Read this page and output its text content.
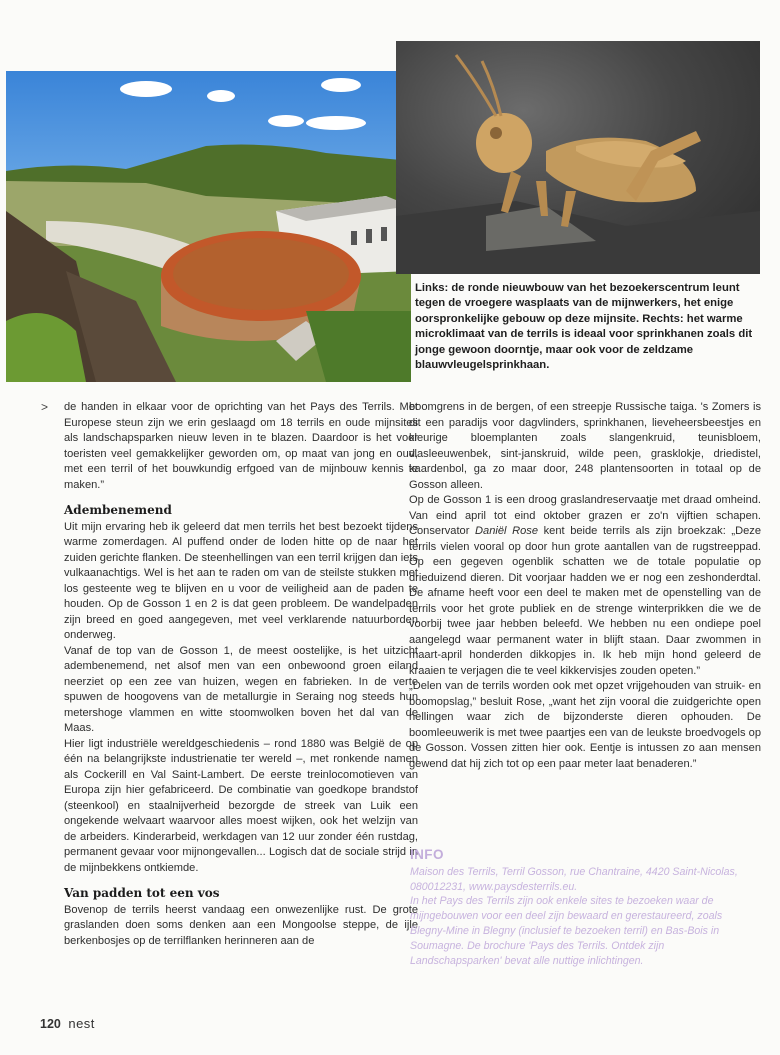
Links: de ronde nieuwbouw van het bezoekerscentrum leunt tegen de vroegere wasplaats van de mijnwerkers, het enige oorspronkelijke gebouw op deze mijnsite. Rechts: het warme microklimaat van de terrils is ideaal voor sprinkhanen zoals dit jonge gewoon doorntje, maar ook voor de zeldzame blauwvleugelsprinkhaan.
> de handen in elkaar voor de oprichting van het Pays des Terrils. Met Europese steun zijn we erin geslaagd om 18 terrils en oude mijnsites als landschapsparken nieuw leven in te blazen. Daardoor is het voor toeristen veel gemakkelijker geworden om, op maat van jong en oud, met een terril of het bouwkundig erfgoed van de mijnbouw kennis te maken.”

Adembenemend

Uit mijn ervaring heb ik geleerd dat men terrils het best bezoekt tijdens warme zomerdagen. Al puffend onder de loden hitte op de naar het zuiden gerichte flanken. De steenhellingen van een terril krijgen dan iets vulkaanachtigs. Wel is het aan te raden om van de steilste stukken met los gesteente weg te blijven en u voor de veiligheid aan de paden te houden. Op de Gosson 1 en 2 is dat geen probleem. De wandelpaden zijn breed en goed aangegeven, met veel verklarende natuurborden onderweg.

Vanaf de top van de Gosson 1, de meest oostelijke, is het uitzicht adembenemend, net alsof men van een onbewoond groen eiland neerziet op een zee van huizen, wegen en fabrieken. In de verte spuwen de hoogovens van de metallurgie in Seraing nog steeds hun metershoge vlammen en witte stoomwolken boven het dal van de Maas.

Hier ligt industriële wereldgeschiedenis – rond 1880 was België de op één na belangrijkste industrienatie ter wereld –, met ronkende namen als Cockerill en Val Saint-Lambert. De eerste treinlocomotieven van Europa zijn hier gefabriceerd. De combinatie van goedkope brandstof (steenkool) en staalnijverheid bezorgde de streek van Luik een ongekende welvaart waarvoor alles moest wijken, ook het welzijn van de arbeiders. Kinderarbeid, werkdagen van 12 uur zonder één rustdag, permanent gevaar voor mijnongevallen... Logisch dat de sociale strijd in de mijnbekkens ontkiemde.

Van padden tot een vos

Bovenop de terrils heerst vandaag een onwezenlijke rust. De grote graslanden doen soms denken aan een Mongoolse steppe, de ijle berkenbosjes op de terrilflanken herinneren aan de

boomgrens in de bergen, of een streepje Russische taiga. 's Zomers is dit een paradijs voor dagvlinders, sprinkhanen, lieveheersbeestjes en kleurige bloemplanten zoals slangenkruid, teunisbloem, vlasleeuwenbek, sint-janskruid, wilde peen, grasklokje, driedistel, kaardenbol, ga zo maar door, 248 plantensoorten in totaal op de Gosson alleen.

Op de Gosson 1 is een droog graslandreservaatje met draad omheind. Van eind april tot eind oktober grazen er zo'n vijftien schapen. Conservator Daniël Rose kent beide terrils als zijn broekzak: „Deze terrils vielen vooral op door hun grote aantallen van de rugstreeppad. Op een gegeven ogenblik schatten we de totale populatie op drieduizend dieren. Dit voorjaar hadden we er nog een zeshonderdtal. De afname heeft voor een deel te maken met de openstelling van de terrils voor het grote publiek en de strenge winterprikken die we de voorbij twee jaar hebben beleefd. We hebben nu een ondiepe poel aangelegd waar permanent water in blijft staan. Daar zwommen in maart-april honderden dikkopjes in. Ik heb mijn hond geleerd de kraaien te verjagen die te veel kikkervisjes zouden opeten.”

„Delen van de terrils worden ook met opzet vrijgehouden van struik- en boomopslag,” besluit Rose, „want het zijn vooral die zuidgerichte open hellingen waar zich de bijzonderste dieren ophouden. De boomleeuwerik is met twee paartjes een van de leukste broedvogels op de Gosson. Vossen zitten hier ook. Eentje is intussen zo aan mensen gewend dat hij zich tot op een paar meter laat benaderen.”

INFO
Maison des Terrils, Terril Gosson, rue Chantraine, 4420 Saint-Nicolas, 080012231, www.paysdesterrils.eu.
In het Pays des Terrils zijn ook enkele sites te bezoeken waar de mijngebouwen voor een deel zijn bewaard en gerestaureerd, zoals Blegny-Mine in Blegny (inclusief te bezoeken terril) en Bas-Bois in Soumagne. De brochure 'Pays des Terrils. Ontdek zijn Landschapsparken' bevat alle nuttige inlichtingen.
120 nest
